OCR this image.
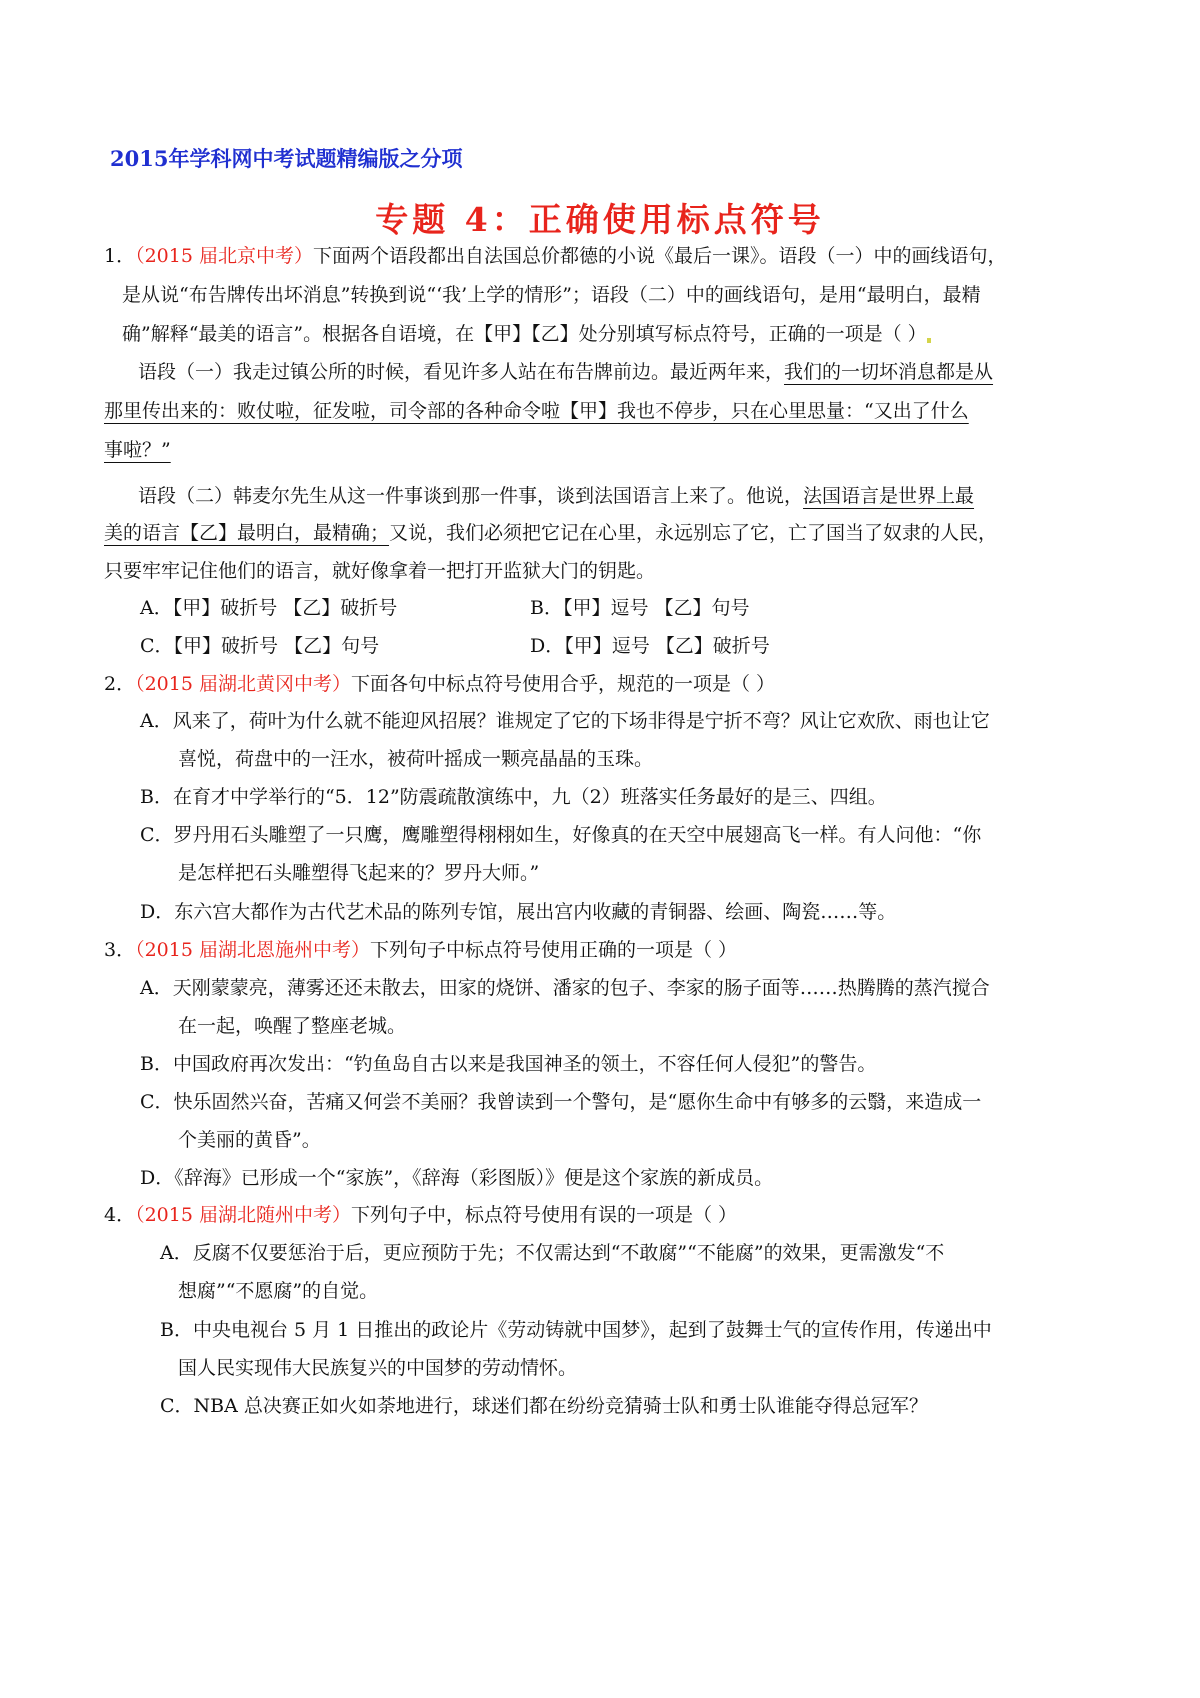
2015年学科网中考试题精编版之分项
专题 4：正确使用标点符号
1．（2015 届北京中考）下面两个语段都出自法国总价都德的小说《最后一课》。语段（一）中的画线语句，
是从说“布告牌传出坏消息”转换到说“‘我’上学的情形”；语段（二）中的画线语句，是用“最明白，最精
确”解释“最美的语言”。根据各自语境，在【甲】【乙】处分别填写标点符号，正确的一项是（ ）
语段（一）我走过镇公所的时候，看见许多人站在布告牌前边。最近两年来，我们的一切坏消息都是从
那里传出来的：败仗啦，征发啦，司令部的各种命令啦【甲】我也不停步，只在心里思量：“又出了什么
事啦？”
语段（二）韩麦尔先生从这一件事谈到那一件事，谈到法国语言上来了。他说，法国语言是世界上最
美的语言【乙】最明白，最精确；又说，我们必须把它记在心里，永远别忘了它，亡了国当了奴隶的人民，
只要牢牢记住他们的语言，就好像拿着一把打开监狱大门的钥匙。
A．【甲】破折号 【乙】破折号	B．【甲】逗号 【乙】句号
C．【甲】破折号 【乙】句号	D．【甲】逗号 【乙】破折号
2．（2015 届湖北黄冈中考）下面各句中标点符号使用合乎，规范的一项是（ ）
A．风来了，荷叶为什么就不能迎风招展？谁规定了它的下场非得是宁折不弯？风让它欢欣、雨也让它
喜悦，荷盘中的一汪水，被荷叶摇成一颗亮晶晶的玉珠。
B．在育才中学举行的“5．12”防震疏散演练中，九（2）班落实任务最好的是三、四组。
C．罗丹用石头雕塑了一只鹰，鹰雕塑得栩栩如生，好像真的在天空中展翅高飞一样。有人问他：“你
是怎样把石头雕塑得飞起来的？罗丹大师。”
D．东六宫大都作为古代艺术品的陈列专馆，展出宫内收藏的青铜器、绘画、陶瓷……等。
3．（2015 届湖北恩施州中考）下列句子中标点符号使用正确的一项是（ ）
A．天刚蒙蒙亮，薄雾还还未散去，田家的烧饼、潘家的包子、李家的肠子面等……热腾腾的蒸汽搅合
在一起，唤醒了整座老城。
B．中国政府再次发出：“钓鱼岛自古以来是我国神圣的领土，不容任何人侵犯”的警告。
C．快乐固然兴奋，苦痛又何尝不美丽？我曾读到一个警句，是“愿你生命中有够多的云翳，来造成一
个美丽的黄昏”。
D．《辞海》已形成一个“家族”，《辞海（彩图版）》便是这个家族的新成员。
4．（2015 届湖北随州中考）下列句子中，标点符号使用有误的一项是（ ）
A．反腐不仅要惩治于后，更应预防于先；不仅需达到“不敢腐”“不能腐”的效果，更需激发“不
想腐”“不愿腐”的自觉。
B．中央电视台 5 月 1 日推出的政论片《劳动铸就中国梦》，起到了鼓舞士气的宣传作用，传递出中
国人民实现伟大民族复兴的中国梦的劳动情怀。
C．NBA 总决赛正如火如荼地进行，球迷们都在纷纷竞猜骑士队和勇士队谁能夺得总冠军？
